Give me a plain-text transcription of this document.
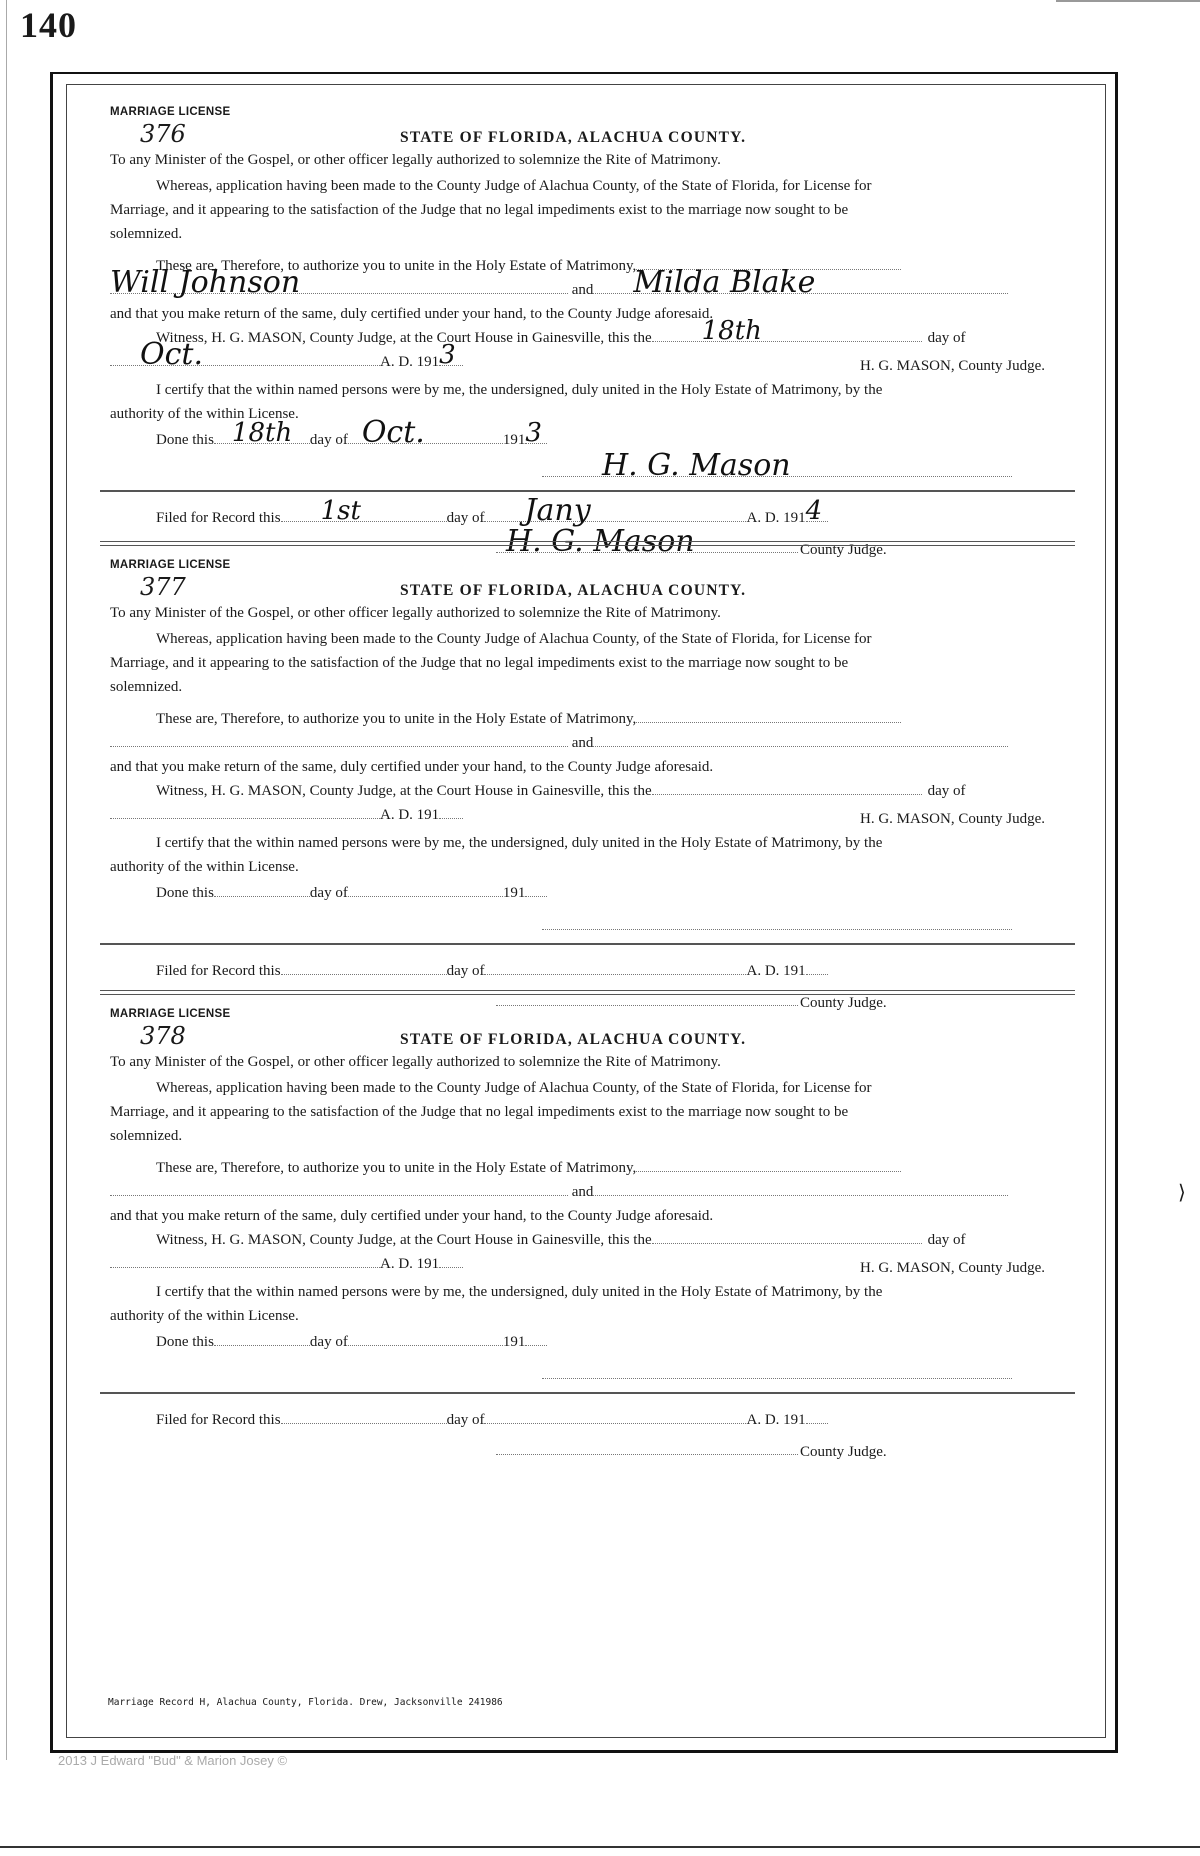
140
⟩
MARRIAGE LICENSE
376	STATE OF FLORIDA, ALACHUA COUNTY.
To any Minister of the Gospel, or other officer legally authorized to solemnize the Rite of Matrimony.
Whereas, application having been made to the County Judge of Alachua County, of the State of Florida, for License for
Marriage, and it appearing to the satisfaction of the Judge that no legal impediments exist to the marriage now sought to be
solemnized.
These are, Therefore, to authorize you to unite in the Holy Estate of Matrimony,
Will Johnson	and Milda Blake
and that you make return of the same, duly certified under your hand, to the County Judge aforesaid.
Witness, H. G. MASON, County Judge, at the Court House in Gainesville, this the 18th	day of
Oct.	A. D. 191 3	H. G. MASON, County Judge.
I certify that the within named persons were by me, the undersigned, duly united in the Holy Estate of Matrimony, by the
authority of the within License.
Done this 18th day of Oct.	191 3
H. G. Mason
Filed for Record this 1st	day of Jany	A. D. 191 4
H. G. Mason	County Judge.
MARRIAGE LICENSE
377	STATE OF FLORIDA, ALACHUA COUNTY.
To any Minister of the Gospel, or other officer legally authorized to solemnize the Rite of Matrimony.
Whereas, application having been made to the County Judge of Alachua County, of the State of Florida, for License for
Marriage, and it appearing to the satisfaction of the Judge that no legal impediments exist to the marriage now sought to be
solemnized.
These are, Therefore, to authorize you to unite in the Holy Estate of Matrimony,
and
and that you make return of the same, duly certified under your hand, to the County Judge aforesaid.
Witness, H. G. MASON, County Judge, at the Court House in Gainesville, this the	day of
A. D. 191	H. G. MASON, County Judge.
I certify that the within named persons were by me, the undersigned, duly united in the Holy Estate of Matrimony, by the
authority of the within License.
Done this	day of	191
Filed for Record this	day of	A. D. 191
County Judge.
MARRIAGE LICENSE
378	STATE OF FLORIDA, ALACHUA COUNTY.
To any Minister of the Gospel, or other officer legally authorized to solemnize the Rite of Matrimony.
Whereas, application having been made to the County Judge of Alachua County, of the State of Florida, for License for
Marriage, and it appearing to the satisfaction of the Judge that no legal impediments exist to the marriage now sought to be
solemnized.
These are, Therefore, to authorize you to unite in the Holy Estate of Matrimony,
and
and that you make return of the same, duly certified under your hand, to the County Judge aforesaid.
Witness, H. G. MASON, County Judge, at the Court House in Gainesville, this the	day of
A. D. 191	H. G. MASON, County Judge.
I certify that the within named persons were by me, the undersigned, duly united in the Holy Estate of Matrimony, by the
authority of the within License.
Done this	day of	191
Filed for Record this	day of	A. D. 191
County Judge.
Marriage Record H, Alachua County, Florida. Drew, Jacksonville 241986
2013 J Edward "Bud" & Marion Josey ©
